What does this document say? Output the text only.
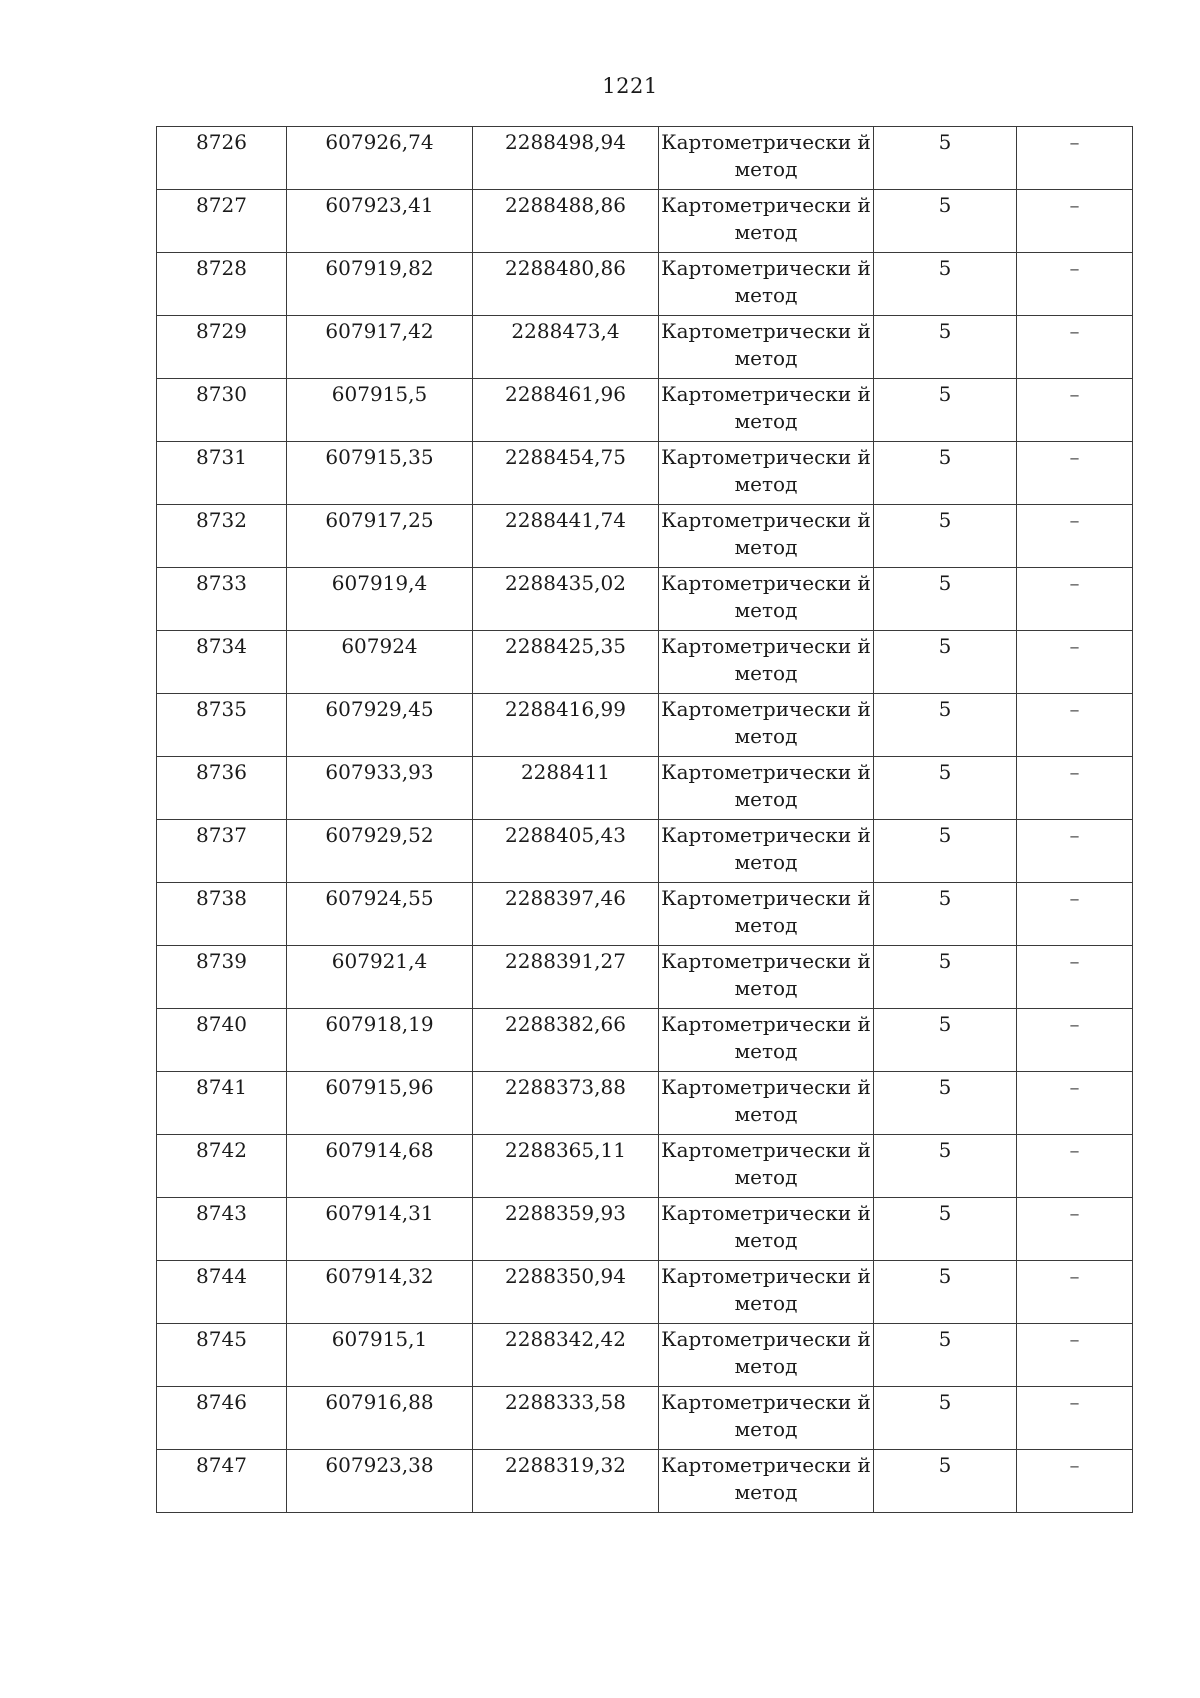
1221
8726	607926,74	2288498,94	Картометрически й метод	5	–
8727	607923,41	2288488,86	Картометрически й метод	5	–
8728	607919,82	2288480,86	Картометрически й метод	5	–
8729	607917,42	2288473,4	Картометрически й метод	5	–
8730	607915,5	2288461,96	Картометрически й метод	5	–
8731	607915,35	2288454,75	Картометрически й метод	5	–
8732	607917,25	2288441,74	Картометрически й метод	5	–
8733	607919,4	2288435,02	Картометрически й метод	5	–
8734	607924	2288425,35	Картометрически й метод	5	–
8735	607929,45	2288416,99	Картометрически й метод	5	–
8736	607933,93	2288411	Картометрически й метод	5	–
8737	607929,52	2288405,43	Картометрически й метод	5	–
8738	607924,55	2288397,46	Картометрически й метод	5	–
8739	607921,4	2288391,27	Картометрически й метод	5	–
8740	607918,19	2288382,66	Картометрически й метод	5	–
8741	607915,96	2288373,88	Картометрически й метод	5	–
8742	607914,68	2288365,11	Картометрически й метод	5	–
8743	607914,31	2288359,93	Картометрически й метод	5	–
8744	607914,32	2288350,94	Картометрически й метод	5	–
8745	607915,1	2288342,42	Картометрически й метод	5	–
8746	607916,88	2288333,58	Картометрически й метод	5	–
8747	607923,38	2288319,32	Картометрически й метод	5	–
